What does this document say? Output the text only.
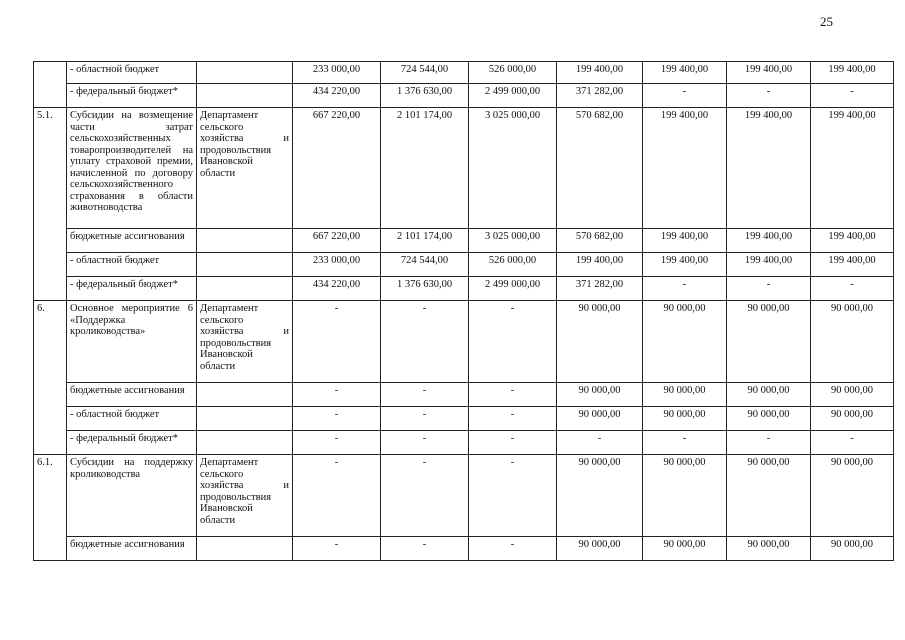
25
	- областной бюджет		233 000,00	724 544,00	526 000,00	199 400,00	199 400,00	199 400,00	199 400,00

	- федеральный бюджет*		434 220,00	1 376 630,00	2 499 000,00	371 282,00	-	-	-

5.1.	Субсидии на возмещение части затрат сельскохозяйственных товаропроизводителей на уплату страховой премии, начисленной по договору сельскохозяйственного страхования в области животноводства	Департамент сельского хозяйства и продовольствия Ивановской области	667 220,00	2 101 174,00	3 025 000,00	570 682,00	199 400,00	199 400,00	199 400,00

	бюджетные ассигнования		667 220,00	2 101 174,00	3 025 000,00	570 682,00	199 400,00	199 400,00	199 400,00

	- областной бюджет		233 000,00	724 544,00	526 000,00	199 400,00	199 400,00	199 400,00	199 400,00

	- федеральный бюджет*		434 220,00	1 376 630,00	2 499 000,00	371 282,00	-	-	-

6.	Основное мероприятие 6 «Поддержка кролиководства»	Департамент сельского хозяйства и продовольствия Ивановской области	-	-	-	90 000,00	90 000,00	90 000,00	90 000,00

	бюджетные ассигнования		-	-	-	90 000,00	90 000,00	90 000,00	90 000,00

	- областной бюджет		-	-	-	90 000,00	90 000,00	90 000,00	90 000,00

	- федеральный бюджет*		-	-	-	-	-	-	-

6.1.	Субсидии на поддержку кролиководства	Департамент сельского хозяйства и продовольствия Ивановской области	-	-	-	90 000,00	90 000,00	90 000,00	90 000,00

	бюджетные ассигнования		-	-	-	90 000,00	90 000,00	90 000,00	90 000,00
